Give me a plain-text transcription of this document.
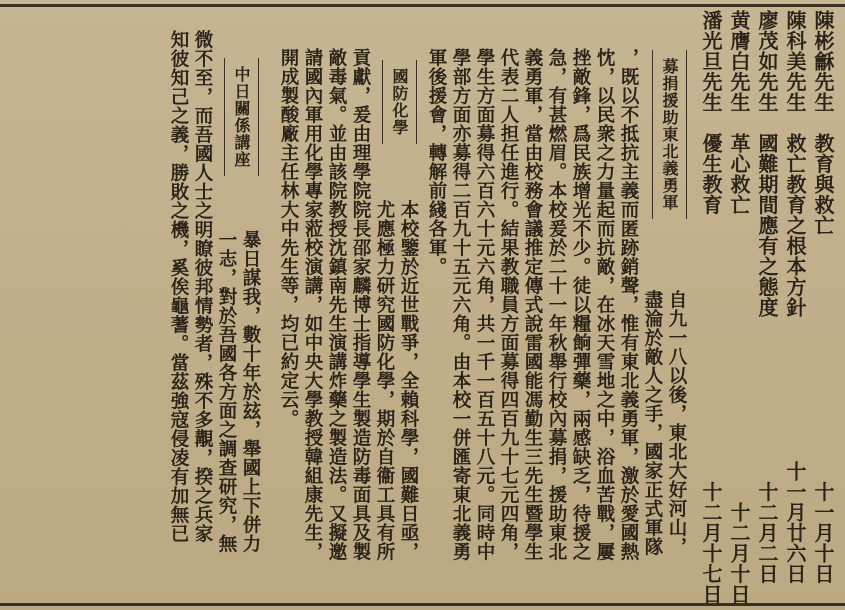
陳彬龢先生　教育與救亡　　　　　　　　　　　　十一月十日
陳科美先生　救亡教育之根本方針　　　　　　　十一月廿六日
廖茂如先生　國難期間應有之態度　　　　　　　　十二月二日
黄膺白先生　革心救亡　　　　　　　　　　　　　　十二月十日
潘光旦先生　優生教育　　　　　　　　　　　　　十二月十七日
自九一八以後，東北大好河山，
盡淪於敵人之手，國家正式軍隊
，既以不抵抗主義而匿跡銷聲，惟有東北義勇軍，激於愛國熱
忱，以民衆之力量起而抗敵，在冰天雪地之中，浴血苦戰，屢
挫敵鋒，爲民族增光不少。徒以糧餉彈藥，兩感缺乏，待援之
急，有甚燃眉。本校爰於二十一年秋舉行校內募捐，援助東北
義勇軍，當由校務會議推定傳式說雷國能馮勤生三先生暨學生
代表二人担任進行。結果教職員方面募得四百九十七元四角，
學生方面募得六百六十元六角，共一千一百五十八元。同時中
學部方面亦募得二百九十五元六角。由本校一併匯寄東北義勇
軍後援會，轉解前綫各軍。
本校鑒於近世戰爭，全賴科學，國難日亟，
尤應極力研究國防化學，期於自衞工具有所
貢獻，爰由理學院院長邵家麟博士指導學生製造防毒面具及製
敵毒氣。並由該院教授沈鎮南先生演講炸藥之製造法。又擬邀
請國內軍用化學專家蒞校演講，如中央大學教授韓組康先生，
開成製酸廠主任林大中先生等，均已約定云。
暴日謀我，數十年於玆，舉國上下併力
一志，對於吾國各方面之調查研究，無
微不至，而吾國人士之明瞭彼邦情勢者，殊不多覯，揆之兵家
知彼知己之義，勝敗之機，奚俟龜蓍。當茲強寇侵凌有加無已	募捐援助東北義勇軍
國防化學
中日關係講座
